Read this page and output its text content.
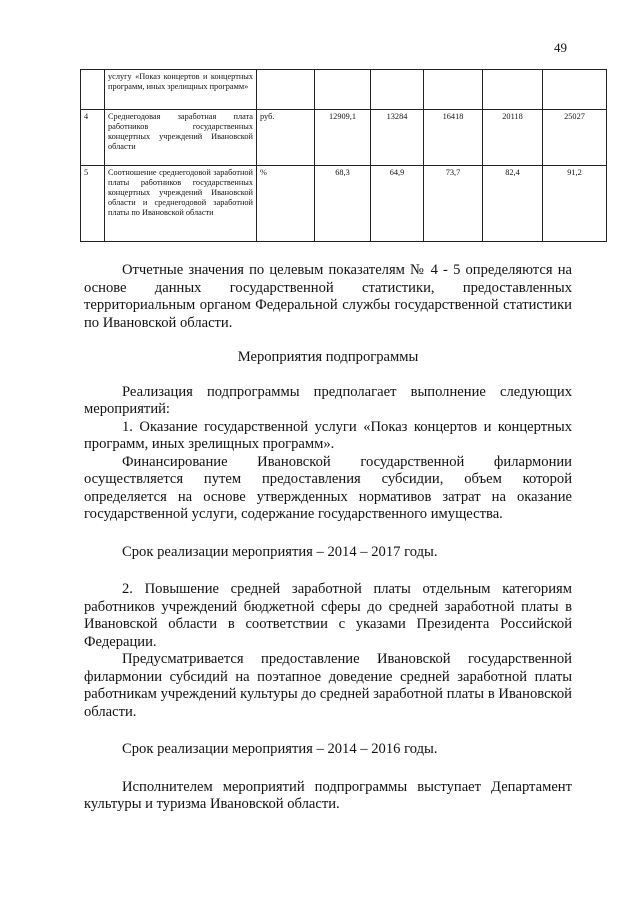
49
	услугу «Показ концертов и концертных программ, иных зрелищных программ»						
4	Среднегодовая заработная плата работников государственных концертных учреждений Ивановской области	руб.	12909,1	13284	16418	20118	25027
5	Соотношение среднегодовой заработной платы работников государственных концертных учреждений Ивановской области и среднегодовой заработной платы по Ивановской области	%	68,3	64,9	73,7	82,4	91,2

Отчетные значения по целевым показателям № 4 - 5 определяются на основе данных государственной статистики, предоставленных территориальным органом Федеральной службы государственной статистики по Ивановской области.

Мероприятия подпрограммы

Реализация подпрограммы предполагает выполнение следующих мероприятий:

1. Оказание государственной услуги «Показ концертов и концертных программ, иных зрелищных программ».

Финансирование Ивановской государственной филармонии осуществляется путем предоставления субсидии, объем которой определяется на основе утвержденных нормативов затрат на оказание государственной услуги, содержание государственного имущества.

Срок реализации мероприятия – 2014 – 2017 годы.

2. Повышение средней заработной платы отдельным категориям работников учреждений бюджетной сферы до средней заработной платы в Ивановской области в соответствии с указами Президента Российской Федерации.

Предусматривается предоставление Ивановской государственной филармонии субсидий на поэтапное доведение средней заработной платы работникам учреждений культуры до средней заработной платы в Ивановской области.

Срок реализации мероприятия – 2014 – 2016 годы.

Исполнителем мероприятий подпрограммы выступает Департамент культуры и туризма Ивановской области.
